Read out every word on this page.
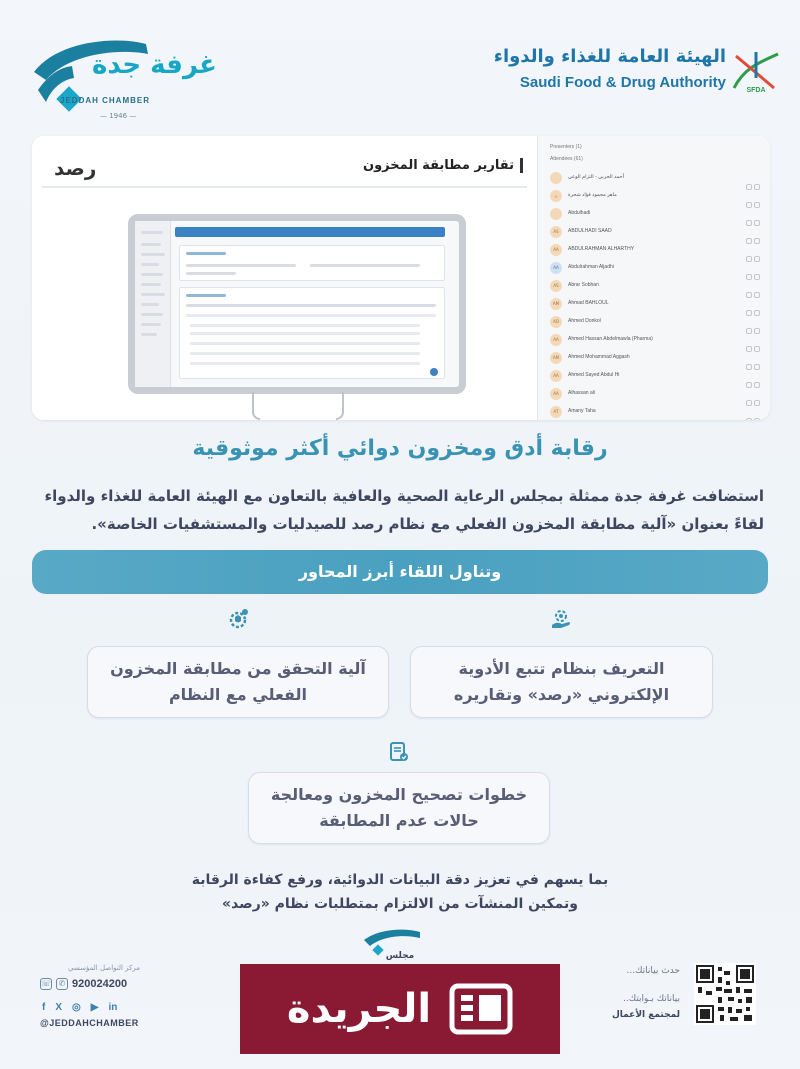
غرفة جدة
JEDDAH CHAMBER
— 1946 —
الهيئة العامة للغذاء والدواء
Saudi Food & Drug Authority	SFDA
رصد	تقارير مطابقة المخزون
Presenters (1)
Attendees (61)
أحمد الحربي - التزام الوعي
ن	ماهر محمود فؤاد شحرة
Abdulhadi
AS	ABDULHADI SAAD
AA	ABDULRAHMAN ALHARTHY
AA	Abdulrahman Aljadhi
AS	Abrar Sobhan
AM	Ahmad BAHLOUL
AD	Ahmed Donkol
AA	Ahmed Hassan Abdelmawla (Pharma)
AM	Ahmed Mohammad Aggash
AA	Ahmed Sayed Abdul Hi
AA	Alhassan ali
AT	Amany Taha
رقابة أدق ومخزون دوائي أكثر موثوقية
استضافت غرفة جدة ممثلة بمجلس الرعاية الصحية والعافية بالتعاون مع الهيئة العامة للغذاء والدواء
لقاءً بعنوان «آلية مطابقة المخزون الفعلي مع نظام رصد للصيدليات والمستشفيات الخاصة».
وتناول اللقاء أبرز المحاور
التعريف بنظام تتبع الأدوية الإلكتروني «رصد» وتقاريره
آلية التحقق من مطابقة المخزون الفعلي مع النظام
خطوات تصحيح المخزون ومعالجة حالات عدم المطابقة
بما يسهم في تعزيز دقة البيانات الدوائية، ورفع كفاءة الرقابة
وتمكين المنشآت من الالتزام بمتطلبات نظام «رصد»
مجلس
مركز التواصل المؤسسي
☏ ✆ 920024200
f X ◎ ▶ in
@JEDDAHCHAMBER
حدث بياناتك...
بياناتك بـوابتك..
لمجتمع الأعمال
الجريدة
